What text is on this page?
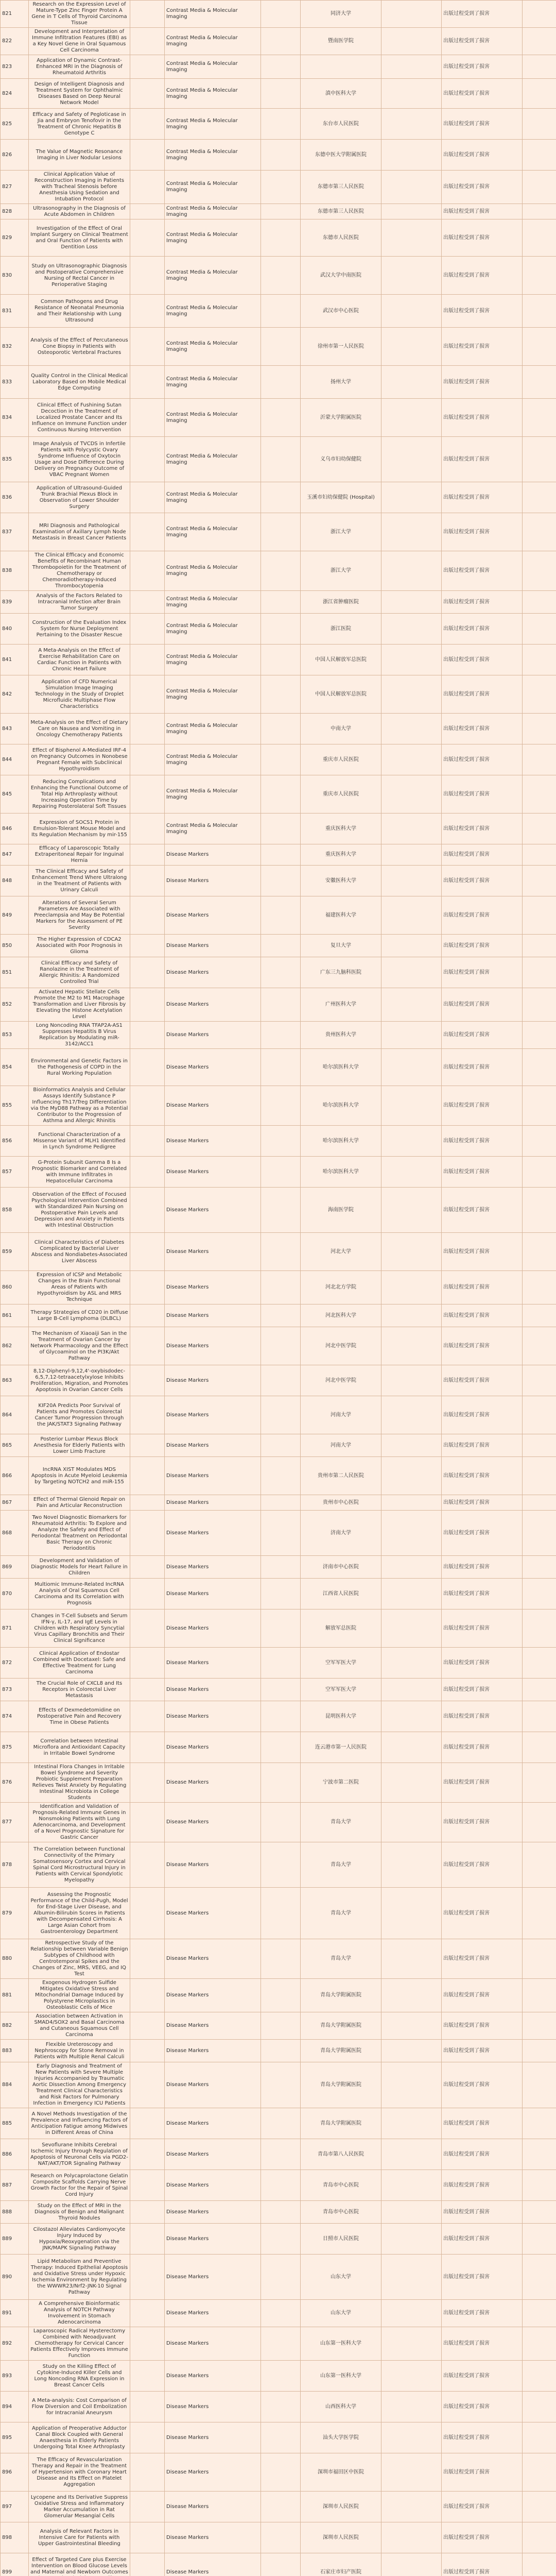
821	Research on the Expression Level of Mature-Type Zinc Finger Protein A Gene in T Cells of Thyroid Carcinoma Tissue		Contrast Media & Molecular Imaging		同济大学		出版过程受到了损害	
822	Development and Interpretation of Immune Infiltration Features (EBI) as a Key Novel Gene in Oral Squamous Cell Carcinoma		Contrast Media & Molecular Imaging		暨南医学院		出版过程受到了损害	
823	Application of Dynamic Contrast-Enhanced MRI in the Diagnosis of Rheumatoid Arthritis		Contrast Media & Molecular Imaging				出版过程受到了损害	
824	Design of Intelligent Diagnosis and Treatment System for Ophthalmic Diseases Based on Deep Neural Network Model		Contrast Media & Molecular Imaging		滇中医科大学		出版过程受到了损害	
825	Efficacy and Safety of Pegloticase in Jia and Embryon Tenofovir in the Treatment of Chronic Hepatitis B Genotype C		Contrast Media & Molecular Imaging		东台市人民医院		出版过程受到了损害	
826	The Value of Magnetic Resonance Imaging in Liver Nodular Lesions		Contrast Media & Molecular Imaging		东德中医大学附属医院		出版过程受到了损害	
827	Clinical Application Value of Reconstruction Imaging in Patients with Tracheal Stenosis before Anesthesia Using Sedation and Intubation Protocol		Contrast Media & Molecular Imaging		东德市第三人民医院		出版过程受到了损害	
828	Ultrasonography in the Diagnosis of Acute Abdomen in Children		Contrast Media & Molecular Imaging		东德市第三人民医院		出版过程受到了损害	
829	Investigation of the Effect of Oral Implant Surgery on Clinical Treatment and Oral Function of Patients with Dentition Loss		Contrast Media & Molecular Imaging		东德市人民医院		出版过程受到了损害	
830	Study on Ultrasonographic Diagnosis and Postoperative Comprehensive Nursing of Rectal Cancer in Perioperative Staging		Contrast Media & Molecular Imaging		武汉大学中南医院		出版过程受到了损害	
831	Common Pathogens and Drug Resistance of Neonatal Pneumonia and Their Relationship with Lung Ultrasound		Contrast Media & Molecular Imaging		武汉市中心医院		出版过程受到了损害	
832	Analysis of the Effect of Percutaneous Cone Biopsy in Patients with Osteoporotic Vertebral Fractures		Contrast Media & Molecular Imaging		徐州市第一人民医院		出版过程受到了损害	
833	Quality Control in the Clinical Medical Laboratory Based on Mobile Medical Edge Computing		Contrast Media & Molecular Imaging		扬州大学		出版过程受到了损害	
834	Clinical Effect of Fushining Sutan Decoction in the Treatment of Localized Prostate Cancer and Its Influence on Immune Function under Continuous Nursing Intervention		Contrast Media & Molecular Imaging		沂蒙大学附属医院		出版过程受到了损害	
835	Image Analysis of TVCDS in Infertile Patients with Polycystic Ovary Syndrome Influence of Oxytocin Usage and Dose Difference During Delivery on Pregnancy Outcome of VBAC Pregnant Women		Contrast Media & Molecular Imaging		义乌市妇幼保健院		出版过程受到了损害	
836	Application of Ultrasound-Guided Trunk Brachial Plexus Block in Observation of Lower Shoulder Surgery		Contrast Media & Molecular Imaging		玉溪市妇幼保健院 (Hospital)		出版过程受到了损害	
837	MRI Diagnosis and Pathological Examination of Axillary Lymph Node Metastasis in Breast Cancer Patients		Contrast Media & Molecular Imaging		浙江大学		出版过程受到了损害	
838	The Clinical Efficacy and Economic Benefits of Recombinant Human Thrombopoietin for the Treatment of Chemotherapy or Chemoradiotherapy-Induced Thrombocytopenia		Contrast Media & Molecular Imaging		浙江大学		出版过程受到了损害	
839	Analysis of the Factors Related to Intracranial Infection after Brain Tumor Surgery		Contrast Media & Molecular Imaging		浙江省肿瘤医院		出版过程受到了损害	
840	Construction of the Evaluation Index System for Nurse Deployment Pertaining to the Disaster Rescue		Contrast Media & Molecular Imaging		浙江医院		出版过程受到了损害	
841	A Meta-Analysis on the Effect of Exercise Rehabilitation Care on Cardiac Function in Patients with Chronic Heart Failure		Contrast Media & Molecular Imaging		中国人民解放军总医院		出版过程受到了损害	
842	Application of CFD Numerical Simulation Image Imaging Technology in the Study of Droplet Microfluidic Multiphase Flow Characteristics		Contrast Media & Molecular Imaging		中国人民解放军总医院		出版过程受到了损害	
843	Meta-Analysis on the Effect of Dietary Care on Nausea and Vomiting in Oncology Chemotherapy Patients		Contrast Media & Molecular Imaging		中南大学		出版过程受到了损害	
844	Effect of Bisphenol A-Mediated IRF-4 on Pregnancy Outcomes in Nonobese Pregnant Female with Subclinical Hypothyroidism		Contrast Media & Molecular Imaging		重庆市人民医院		出版过程受到了损害	
845	Reducing Complications and Enhancing the Functional Outcome of Total Hip Arthroplasty without Increasing Operation Time by Repairing Posterolateral Soft Tissues		Contrast Media & Molecular Imaging		重庆市人民医院		出版过程受到了损害	
846	Expression of SOCS1 Protein in Emulsion-Tolerant Mouse Model and Its Regulation Mechanism by mir-155		Contrast Media & Molecular Imaging		重庆医科大学		出版过程受到了损害	
847	Efficacy of Laparoscopic Totally Extraperitoneal Repair for Inguinal Hernia		Disease Markers		重庆医科大学		出版过程受到了损害	
848	The Clinical Efficacy and Safety of Enhancement Trend Where Ultralong in the Treatment of Patients with Urinary Calculi		Disease Markers		安徽医科大学		出版过程受到了损害	
849	Alterations of Several Serum Parameters Are Associated with Preeclampsia and May Be Potential Markers for the Assessment of PE Severity		Disease Markers		福建医科大学		出版过程受到了损害	
850	The Higher Expression of CDCA2 Associated with Poor Prognosis in Glioma		Disease Markers		复旦大学		出版过程受到了损害	
851	Clinical Efficacy and Safety of Ranolazine in the Treatment of Allergic Rhinitis: A Randomized Controlled Trial		Disease Markers		广东三九脑科医院		出版过程受到了损害	
852	Activated Hepatic Stellate Cells Promote the M2 to M1 Macrophage Transformation and Liver Fibrosis by Elevating the Histone Acetylation Level		Disease Markers		广州医科大学		出版过程受到了损害	
853	Long Noncoding RNA TFAP2A-AS1 Suppresses Hepatitis B Virus Replication by Modulating miR-3142/ACC1		Disease Markers		贵州医科大学		出版过程受到了损害	
854	Environmental and Genetic Factors in the Pathogenesis of COPD in the Rural Working Population		Disease Markers		哈尔滨医科大学		出版过程受到了损害	
855	Bioinformatics Analysis and Cellular Assays Identify Substance P Influencing Th17/Treg Differentiation via the MyD88 Pathway as a Potential Contributor to the Progression of Asthma and Allergic Rhinitis		Disease Markers		哈尔滨医科大学		出版过程受到了损害	
856	Functional Characterization of a Missense Variant of MLH1 Identified in Lynch Syndrome Pedigree		Disease Markers		哈尔滨医科大学		出版过程受到了损害	
857	G-Protein Subunit Gamma 8 Is a Prognostic Biomarker and Correlated with Immune Infiltrates in Hepatocellular Carcinoma		Disease Markers		哈尔滨医科大学		出版过程受到了损害	
858	Observation of the Effect of Focused Psychological Intervention Combined with Standardized Pain Nursing on Postoperative Pain Levels and Depression and Anxiety in Patients with Intestinal Obstruction		Disease Markers		海南医学院		出版过程受到了损害	
859	Clinical Characteristics of Diabetes Complicated by Bacterial Liver Abscess and Nondiabetes-Associated Liver Abscess		Disease Markers		河北大学		出版过程受到了损害	
860	Expression of ICSP and Metabolic Changes in the Brain Functional Areas of Patients with Hypothyroidism by ASL and MRS Technique		Disease Markers		河北北方学院		出版过程受到了损害	
861	Therapy Strategies of CD20 in Diffuse Large B-Cell Lymphoma (DLBCL)		Disease Markers		河北医科大学		出版过程受到了损害	
862	The Mechanism of Xiaoaiji San in the Treatment of Ovarian Cancer by Network Pharmacology and the Effect of Glycoaminol on the PI3K/Akt Pathway		Disease Markers		河北中医学院		出版过程受到了损害	
863	8,12-Diphenyl-9,12,4'-oxybisdodec-6,5,7,12-tetraacetylxylose Inhibits Proliferation, Migration, and Promotes Apoptosis in Ovarian Cancer Cells		Disease Markers		河北中医学院		出版过程受到了损害	
864	KIF20A Predicts Poor Survival of Patients and Promotes Colorectal Cancer Tumor Progression through the JAK/STAT3 Signaling Pathway		Disease Markers		河南大学		出版过程受到了损害	
865	Posterior Lumbar Plexus Block Anesthesia for Elderly Patients with Lower Limb Fracture		Disease Markers		河南大学		出版过程受到了损害	
866	IncRNA XIST Modulates MDS Apoptosis in Acute Myeloid Leukemia by Targeting NOTCH2 and miR-155		Disease Markers		贵州市第二人民医院		出版过程受到了损害	
867	Effect of Thermal Glenoid Repair on Pain and Articular Reconstruction		Disease Markers		贵州市中心医院		出版过程受到了损害	
868	Two Novel Diagnostic Biomarkers for Rheumatoid Arthritis: To Explore and Analyze the Safety and Effect of Periodontal Treatment on Periodontal Basic Therapy on Chronic Periodontitis		Disease Markers		济南大学		出版过程受到了损害	
869	Development and Validation of Diagnostic Models for Heart Failure in Children		Disease Markers		济南市中心医院		出版过程受到了损害	
870	Multiomic Immune-Related IncRNA Analysis of Oral Squamous Cell Carcinoma and Its Correlation with Prognosis		Disease Markers		江西省人民医院		出版过程受到了损害	
871	Changes in T-Cell Subsets and Serum IFN-γ, IL-17, and IgE Levels in Children with Respiratory Syncytial Virus Capillary Bronchitis and Their Clinical Significance		Disease Markers		解放军总医院		出版过程受到了损害	
872	Clinical Application of Endostar Combined with Docetaxel: Safe and Effective Treatment for Lung Carcinoma		Disease Markers		空军军医大学		出版过程受到了损害	
873	The Crucial Role of CXCL8 and Its Receptors in Colorectal Liver Metastasis		Disease Markers		空军军医大学		出版过程受到了损害	
874	Effects of Dexmedetomidine on Postoperative Pain and Recovery Time in Obese Patients		Disease Markers		昆明医科大学		出版过程受到了损害	
875	Correlation between Intestinal Microflora and Antioxidant Capacity in Irritable Bowel Syndrome		Disease Markers		连云港市第一人民医院		出版过程受到了损害	
876	Intestinal Flora Changes in Irritable Bowel Syndrome and Severity Probiotic Supplement Preparation Relieves Twist Anxiety by Regulating Intestinal Microbiota in College Students		Disease Markers		宁波市第二医院		出版过程受到了损害	
877	Identification and Validation of Prognosis-Related Immune Genes in Nonsmoking Patients with Lung Adenocarcinoma, and Development of a Novel Prognostic Signature for Gastric Cancer		Disease Markers		青岛大学		出版过程受到了损害	
878	The Correlation between Functional Connectivity of the Primary Somatosensory Cortex and Cervical Spinal Cord Microstructural Injury in Patients with Cervical Spondylotic Myelopathy		Disease Markers		青岛大学		出版过程受到了损害	
879	Assessing the Prognostic Performance of the Child-Pugh, Model for End-Stage Liver Disease, and Albumin-Bilirubin Scores in Patients with Decompensated Cirrhosis: A Large Asian Cohort from Gastroenterology Department		Disease Markers		青岛大学		出版过程受到了损害	
880	Retrospective Study of the Relationship between Variable Benign Subtypes of Childhood with Centrotemporal Spikes and the Changes of Zinc, MRS, VEEG, and IQ Test		Disease Markers		青岛大学		出版过程受到了损害	
881	Exogenous Hydrogen Sulfide Mitigates Oxidative Stress and Mitochondrial Damage Induced by Polystyrene Microplastics in Osteoblastic Cells of Mice		Disease Markers		青岛大学附属医院		出版过程受到了损害	
882	Association between Activation in SMAD4/SOX2 and Basal Carcinoma and Cutaneous Squamous Cell Carcinoma		Disease Markers		青岛大学附属医院		出版过程受到了损害	
883	Flexible Ureteroscopy and Nephroscopy for Stone Removal in Patients with Multiple Renal Calculi		Disease Markers		青岛大学附属医院		出版过程受到了损害	
884	Early Diagnosis and Treatment of New Patients with Severe Multiple Injuries Accompanied by Traumatic Aortic Dissection Among Emergency Treatment Clinical Characteristics and Risk Factors for Pulmonary Infection in Emergency ICU Patients		Disease Markers		青岛大学附属医院		出版过程受到了损害	
885	A Novel Methods Investigation of the Prevalence and Influencing Factors of Anticipation Fatigue among Midwives in Different Areas of China		Disease Markers		青岛大学附属医院		出版过程受到了损害	
886	Sevoflurane Inhibits Cerebral Ischemic Injury through Regulation of Apoptosis of Neuronal Cells via PGD2-NAT/AKT/TOR Signaling Pathway		Disease Markers		青岛市第八人民医院		出版过程受到了损害	
887	Research on Polycaprolactone Gelatin Composite Scaffolds Carrying Nerve Growth Factor for the Repair of Spinal Cord Injury		Disease Markers		青岛市中心医院		出版过程受到了损害	
888	Study on the Effect of MRI in the Diagnosis of Benign and Malignant Thyroid Nodules		Disease Markers		青岛市中心医院		出版过程受到了损害	
889	Cilostazol Alleviates Cardiomyocyte Injury Induced by Hypoxia/Reoxygenation via the JNK/MAPK Signaling Pathway		Disease Markers		日照市人民医院		出版过程受到了损害	
890	Lipid Metabolism and Preventive Therapy: Induced Epithelial Apoptosis and Oxidative Stress under Hypoxic Ischemia Environment by Regulating the WWWR23/Nrf2-JNK-10 Signal Pathway		Disease Markers		山东大学		出版过程受到了损害	
891	A Comprehensive Bioinformatic Analysis of NOTCH Pathway Involvement in Stomach Adenocarcinoma		Disease Markers		山东大学		出版过程受到了损害	
892	Laparoscopic Radical Hysterectomy Combined with Neoadjuvant Chemotherapy for Cervical Cancer Patients Effectively Improves Immune Function		Disease Markers		山东第一医科大学		出版过程受到了损害	
893	Study on the Killing Effect of Cytokine-Induced Killer Cells and Long Noncoding RNA Expression in Breast Cancer Cells		Disease Markers		山东第一医科大学		出版过程受到了损害	
894	A Meta-analysis: Cost Comparison of Flow Diversion and Coil Embolization for Intracranial Aneurysm		Disease Markers		山西医科大学		出版过程受到了损害	
895	Application of Preoperative Adductor Canal Block Coupled with General Anaesthesia in Elderly Patients Undergoing Total Knee Arthroplasty		Disease Markers		汕头大学医学院		出版过程受到了损害	
896	The Efficacy of Revascularization Therapy and Repair in the Treatment of Hypertension with Coronary Heart Disease and Its Effect on Platelet Aggregation		Disease Markers		深圳市福田区中医院		出版过程受到了损害	
897	Lycopene and Its Derivative Suppress Oxidative Stress and Inflammatory Marker Accumulation in Rat Glomerular Mesangial Cells		Disease Markers		深圳市人民医院		出版过程受到了损害	
898	Analysis of Relevant Factors in Intensive Care for Patients with Upper Gastrointestinal Bleeding		Disease Markers		深圳市人民医院		出版过程受到了损害	
899	Effect of Targeted Care plus Exercise Intervention on Blood Glucose Levels and Maternal and Newborn Outcomes		Disease Markers		石家庄市妇产医院		出版过程受到了损害	
